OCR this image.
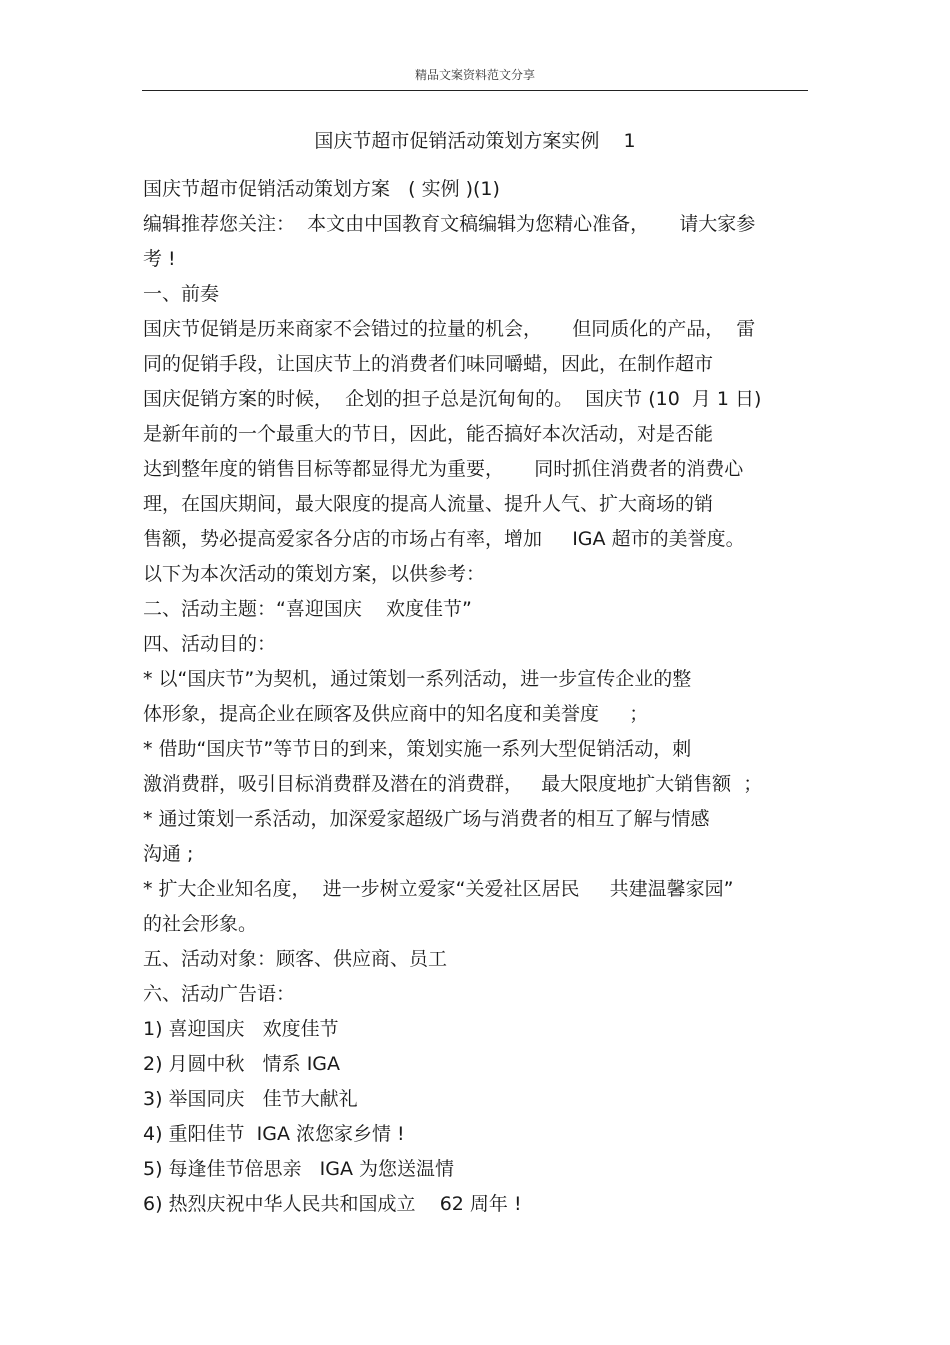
精品文案资料范文分享
国庆节超市促销活动策划方案实例    1
国庆节超市促销活动策划方案   ( 实例 )(1)
编辑推荐您关注：  本文由中国教育文稿编辑为您精心准备，     请大家参
考 !
一、前奏
国庆节促销是历来商家不会错过的拉量的机会，     但同质化的产品，  雷
同的促销手段，让国庆节上的消费者们味同嚼蜡，因此，在制作超市
国庆促销方案的时候，  企划的担子总是沉甸甸的。  国庆节 (10  月 1 日)
是新年前的一个最重大的节日，因此，能否搞好本次活动，对是否能
达到整年度的销售目标等都显得尤为重要，     同时抓住消费者的消费心
理，在国庆期间，最大限度的提高人流量、提升人气、扩大商场的销
售额，势必提高爱家各分店的市场占有率，增加     IGA 超市的美誉度。
以下为本次活动的策划方案，以供参考：
二、活动主题：“喜迎国庆    欢度佳节”
四、活动目的：
* 以“国庆节”为契机，通过策划一系列活动，进一步宣传企业的整
体形象，提高企业在顾客及供应商中的知名度和美誉度     ；
* 借助“国庆节”等节日的到来，策划实施一系列大型促销活动，刺
激消费群，吸引目标消费群及潜在的消费群，   最大限度地扩大销售额  ；
* 通过策划一系活动，加深爱家超级广场与消费者的相互了解与情感
沟通 ;
* 扩大企业知名度，  进一步树立爱家“关爱社区居民     共建温馨家园”
的社会形象。
五、活动对象：顾客、供应商、员工
六、活动广告语：
1) 喜迎国庆   欢度佳节
2) 月圆中秋   情系 IGA
3) 举国同庆   佳节大献礼
4) 重阳佳节  IGA 浓您家乡情 !
5) 每逢佳节倍思亲   IGA 为您送温情
6) 热烈庆祝中华人民共和国成立    62 周年 !
